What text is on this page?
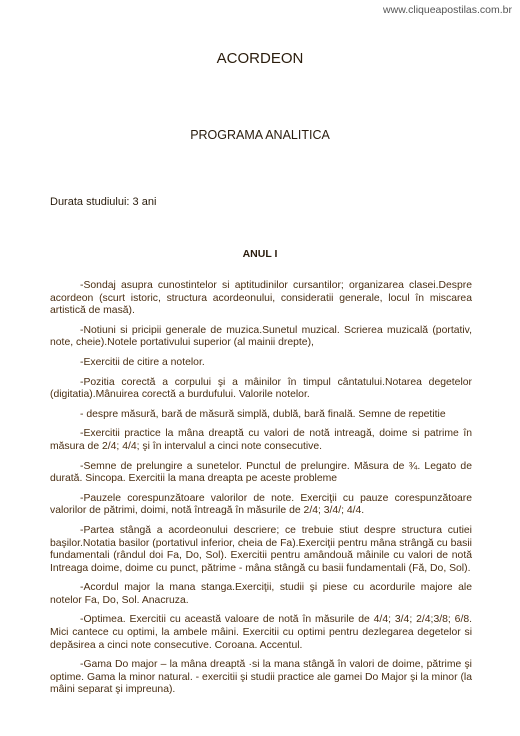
www.cliqueapostilas.com.br
ACORDEON
PROGRAMA ANALITICA
Durata studiului: 3 ani
ANUL I

-Sondaj asupra cunostintelor si aptitudinilor cursantilor; organizarea clasei.Despre acordeon (scurt istoric, structura acordeonului, consideratii generale, locul în miscarea artistică de masă).

-Notiuni si pricipii generale de muzica.Sunetul muzical. Scrierea muzicală (portativ, note, cheie).Notele portativului superior (al mainii drepte),

-Exercitii de citire a notelor.

-Pozitia corectă a corpului şi a mâinilor în timpul cântatului.Notarea degetelor (digitatia).Mânuirea corectă a burdufului. Valorile notelor.

- despre măsură, bară de măsură simplă, dublă, bară finală. Semne de repetitie

-Exercitii practice la mâna dreaptă cu valori de notă intreagă, doime si patrime în măsura de 2/4; 4/4; şi în intervalul a cinci note consecutive.

-Semne de prelungire a sunetelor. Punctul de prelungire. Măsura de ¾. Legato de durată. Sincopa. Exercitii la mana dreapta pe aceste probleme

-Pauzele corespunzătoare valorilor de note. Exerciţii cu pauze corespunzătoare valorilor de pătrimi, doimi, notă întreagă în măsurile de 2/4; 3/4/; 4/4.

-Partea stângă a acordeonului descriere; ce trebuie stiut despre structura cutiei başilor.Notatia basilor (portativul inferior, cheia de Fa).Exerciţii pentru mâna strângă cu basii fundamentali (rândul doi Fa, Do, Sol). Exercitii pentru amândouă mâinile cu valori de notă Intreaga doime, doime cu punct, pătrime - mâna stângă cu basii fundamentali (Fă, Do, Sol).

-Acordul major la mana stanga.Exerciţii, studii şi piese cu acordurile majore ale notelor Fa, Do, Sol. Anacruza.

-Optimea. Exercitii cu această valoare de notă în măsurile de 4/4; 3/4; 2/4;3/8; 6/8. Mici cantece cu optimi, la ambele mâini. Exercitii cu optimi pentru dezlegarea degetelor si depăsirea a cinci note consecutive. Coroana. Accentul.

-Gama Do major – la mâna dreaptă ·si la mana stângă în valori de doime, pătrime şi optime. Gama la minor natural. - exercitii şi studii practice ale gamei Do Major şi la minor (la mâini separat şi impreuna).
